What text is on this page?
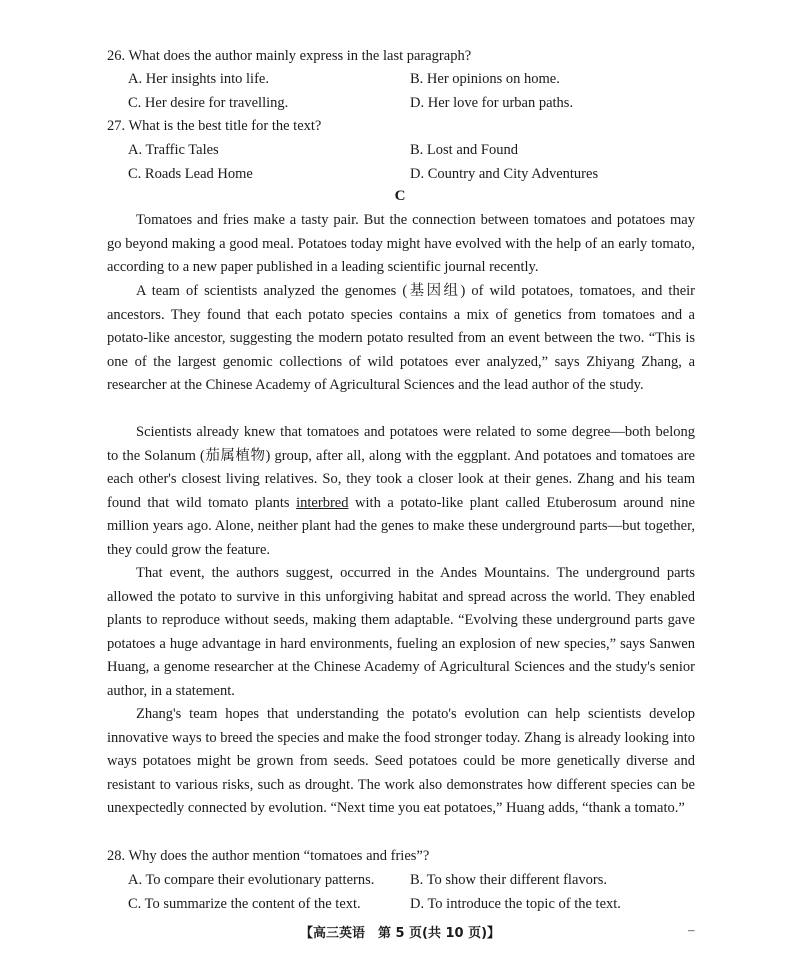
26. What does the author mainly express in the last paragraph?
A. Her insights into life.	B. Her opinions on home.
C. Her desire for travelling.	D. Her love for urban paths.
27. What is the best title for the text?
A. Traffic Tales	B. Lost and Found
C. Roads Lead Home	D. Country and City Adventures
C
Tomatoes and fries make a tasty pair. But the connection between tomatoes and potatoes may go beyond making a good meal. Potatoes today might have evolved with the help of an early tomato, according to a new paper published in a leading scientific journal recently.
A team of scientists analyzed the genomes (基因组) of wild potatoes, tomatoes, and their ancestors. They found that each potato species contains a mix of genetics from tomatoes and a potato-like ancestor, suggesting the modern potato resulted from an event between the two. “This is one of the largest genomic collections of wild potatoes ever analyzed,” says Zhiyang Zhang, a researcher at the Chinese Academy of Agricultural Sciences and the lead author of the study.
Scientists already knew that tomatoes and potatoes were related to some degree—both belong to the Solanum (茄属植物) group, after all, along with the eggplant. And potatoes and tomatoes are each other's closest living relatives. So, they took a closer look at their genes. Zhang and his team found that wild tomato plants interbred with a potato-like plant called Etuberosum around nine million years ago. Alone, neither plant had the genes to make these underground parts—but together, they could grow the feature.
That event, the authors suggest, occurred in the Andes Mountains. The underground parts allowed the potato to survive in this unforgiving habitat and spread across the world. They enabled plants to reproduce without seeds, making them adaptable. “Evolving these underground parts gave potatoes a huge advantage in hard environments, fueling an explosion of new species,” says Sanwen Huang, a genome researcher at the Chinese Academy of Agricultural Sciences and the study's senior author, in a statement.
Zhang's team hopes that understanding the potato's evolution can help scientists develop innovative ways to breed the species and make the food stronger today. Zhang is already looking into ways potatoes might be grown from seeds. Seed potatoes could be more genetically diverse and resistant to various risks, such as drought. The work also demonstrates how different species can be unexpectedly connected by evolution. “Next time you eat potatoes,” Huang adds, “thank a tomato.”
28. Why does the author mention “tomatoes and fries”?
A. To compare their evolutionary patterns. B. To show their different flavors.
C. To summarize the content of the text.	D. To introduce the topic of the text.
【高三英语　第 5 页(共 10 页)】	–
